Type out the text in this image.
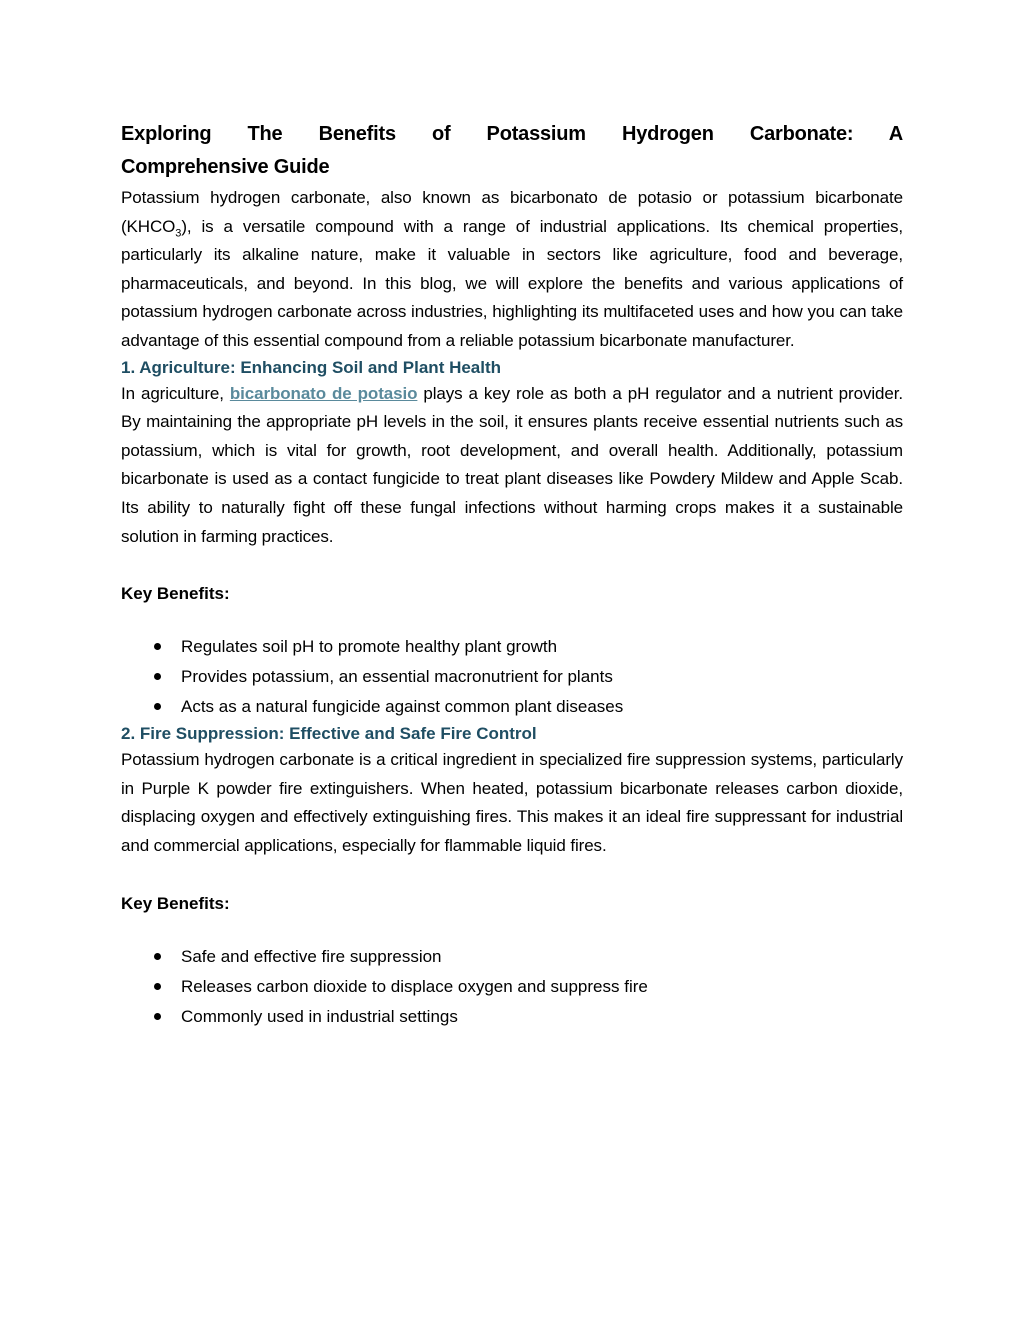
Exploring The Benefits of Potassium Hydrogen Carbonate: A
Comprehensive Guide

Potassium hydrogen carbonate, also known as bicarbonato de potasio or potassium bicarbonate $(KHCO_3)$, is a versatile compound with a range of industrial applications. Its chemical properties, particularly its alkaline nature, make it valuable in sectors like agriculture, food and beverage, pharmaceuticals, and beyond. In this blog, we will explore the benefits and various applications of potassium hydrogen carbonate across industries, highlighting its multifaceted uses and how you can take advantage of this essential compound from a reliable potassium bicarbonate manufacturer.

1. Agriculture: Enhancing Soil and Plant Health

In agriculture, bicarbonato de potasio plays a key role as both a pH regulator and a nutrient provider. By maintaining the appropriate pH levels in the soil, it ensures plants receive essential nutrients such as potassium, which is vital for growth, root development, and overall health. Additionally, potassium bicarbonate is used as a contact fungicide to treat plant diseases like Powdery Mildew and Apple Scab. Its ability to naturally fight off these fungal infections without harming crops makes it a sustainable solution in farming practices.

Key Benefits:

Regulates soil pH to promote healthy plant growth
Provides potassium, an essential macronutrient for plants
Acts as a natural fungicide against common plant diseases
2. Fire Suppression: Effective and Safe Fire Control

Potassium hydrogen carbonate is a critical ingredient in specialized fire suppression systems, particularly in Purple K powder fire extinguishers. When heated, potassium bicarbonate releases carbon dioxide, displacing oxygen and effectively extinguishing fires. This makes it an ideal fire suppressant for industrial and commercial applications, especially for flammable liquid fires.

Key Benefits:

Safe and effective fire suppression
Releases carbon dioxide to displace oxygen and suppress fire
Commonly used in industrial settings
